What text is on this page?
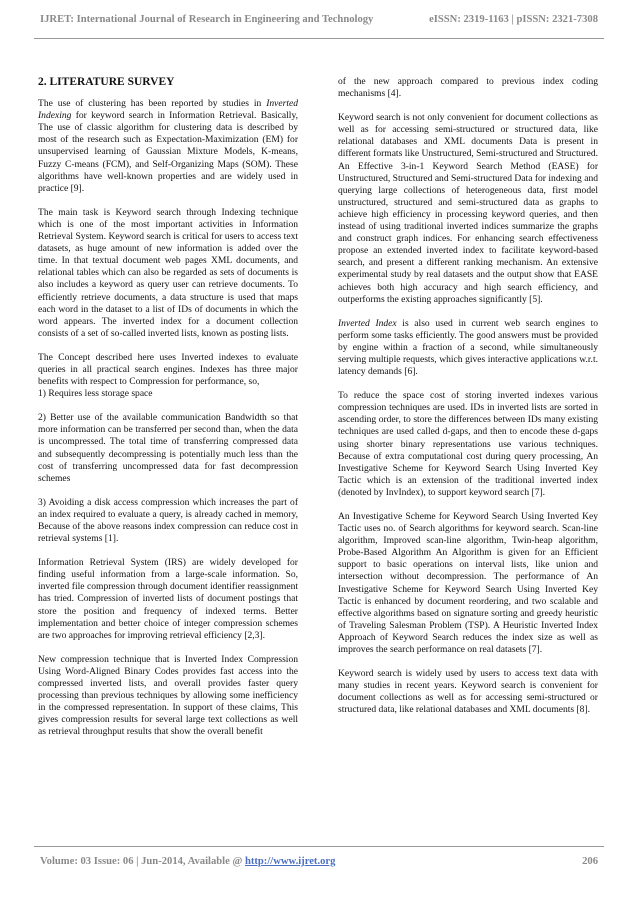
IJRET: International Journal of Research in Engineering and Technology	eISSN: 2319-1163 | pISSN: 2321-7308
2. LITERATURE SURVEY

The use of clustering has been reported by studies in Inverted Indexing for keyword search in Information Retrieval. Basically, The use of classic algorithm for clustering data is described by most of the research such as Expectation-Maximization (EM) for unsupervised learning of Gaussian Mixture Models, K-means, Fuzzy C-means (FCM), and Self-Organizing Maps (SOM). These algorithms have well-known properties and are widely used in practice [9].

The main task is Keyword search through Indexing technique which is one of the most important activities in Information Retrieval System. Keyword search is critical for users to access text datasets, as huge amount of new information is added over the time. In that textual document web pages XML documents, and relational tables which can also be regarded as sets of documents is also includes a keyword as query user can retrieve documents. To efficiently retrieve documents, a data structure is used that maps each word in the dataset to a list of IDs of documents in which the word appears. The inverted index for a document collection consists of a set of so-called inverted lists, known as posting lists.

The Concept described here uses Inverted indexes to evaluate queries in all practical search engines. Indexes has three major benefits with respect to Compression for performance, so,

1) Requires less storage space

2) Better use of the available communication Bandwidth so that more information can be transferred per second than, when the data is uncompressed. The total time of transferring compressed data and subsequently decompressing is potentially much less than the cost of transferring uncompressed data for fast decompression schemes

3) Avoiding a disk access compression which increases the part of an index required to evaluate a query, is already cached in memory, Because of the above reasons index compression can reduce cost in retrieval systems [1].

Information Retrieval System (IRS) are widely developed for finding useful information from a large-scale information. So, inverted file compression through document identifier reassignment has tried. Compression of inverted lists of document postings that store the position and frequency of indexed terms. Better implementation and better choice of integer compression schemes are two approaches for improving retrieval efficiency [2,3].

New compression technique that is Inverted Index Compression Using Word-Aligned Binary Codes provides fast access into the compressed inverted lists, and overall provides faster query processing than previous techniques by allowing some inefficiency in the compressed representation. In support of these claims, This gives compression results for several large text collections as well as retrieval throughput results that show the overall benefit

of the new approach compared to previous index coding mechanisms [4].

Keyword search is not only convenient for document collections as well as for accessing semi-structured or structured data, like relational databases and XML documents Data is present in different formats like Unstructured, Semi-structured and Structured. An Effective 3-in-1 Keyword Search Method (EASE) for Unstructured, Structured and Semi-structured Data for indexing and querying large collections of heterogeneous data, first model unstructured, structured and semi-structured data as graphs to achieve high efficiency in processing keyword queries, and then instead of using traditional inverted indices summarize the graphs and construct graph indices. For enhancing search effectiveness propose an extended inverted index to facilitate keyword-based search, and present a different ranking mechanism. An extensive experimental study by real datasets and the output show that EASE achieves both high accuracy and high search efficiency, and outperforms the existing approaches significantly [5].

Inverted Index is also used in current web search engines to perform some tasks efficiently. The good answers must be provided by engine within a fraction of a second, while simultaneously serving multiple requests, which gives interactive applications w.r.t. latency demands [6].

To reduce the space cost of storing inverted indexes various compression techniques are used. IDs in inverted lists are sorted in ascending order, to store the differences between IDs many existing techniques are used called d-gaps, and then to encode these d-gaps using shorter binary representations use various techniques. Because of extra computational cost during query processing, An Investigative Scheme for Keyword Search Using Inverted Key Tactic which is an extension of the traditional inverted index (denoted by InvIndex), to support keyword search [7].

An Investigative Scheme for Keyword Search Using Inverted Key Tactic uses no. of Search algorithms for keyword search. Scan-line algorithm, Improved scan-line algorithm, Twin-heap algorithm, Probe-Based Algorithm An Algorithm is given for an Efficient support to basic operations on interval lists, like union and intersection without decompression. The performance of An Investigative Scheme for Keyword Search Using Inverted Key Tactic is enhanced by document reordering, and two scalable and effective algorithms based on signature sorting and greedy heuristic of Traveling Salesman Problem (TSP). A Heuristic Inverted Index Approach of Keyword Search reduces the index size as well as improves the search performance on real datasets [7].

Keyword search is widely used by users to access text data with many studies in recent years. Keyword search is convenient for document collections as well as for accessing semi-structured or structured data, like relational databases and XML documents [8].

Volume: 03 Issue: 06 | Jun-2014, Available @ http://www.ijret.org	206
